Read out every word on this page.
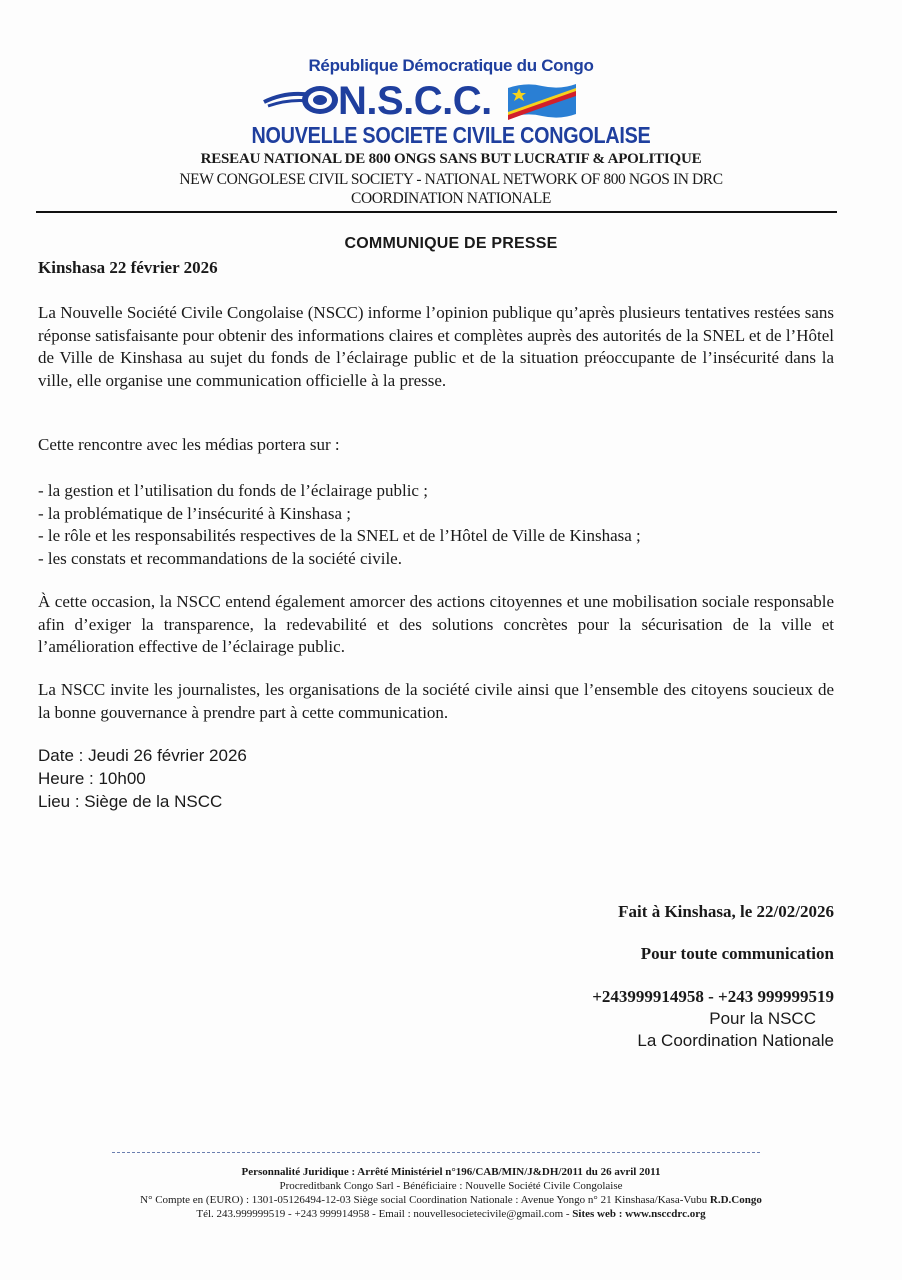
République Démocratique du Congo
N.S.C.C.
NOUVELLE SOCIETE CIVILE CONGOLAISE
RESEAU NATIONAL DE 800 ONGS SANS BUT LUCRATIF & APOLITIQUE
NEW CONGOLESE CIVIL SOCIETY - NATIONAL NETWORK OF 800 NGOS IN DRC
COORDINATION NATIONALE
COMMUNIQUE DE PRESSE
Kinshasa 22 février 2026
La Nouvelle Société Civile Congolaise (NSCC) informe l’opinion publique qu’après plusieurs tentatives restées sans réponse satisfaisante pour obtenir des informations claires et complètes auprès des autorités de la SNEL et de l’Hôtel de Ville de Kinshasa au sujet du fonds de l’éclairage public et de la situation préoccupante de l’insécurité dans la ville, elle organise une communication officielle à la presse.
Cette rencontre avec les médias portera sur :
- la gestion et l’utilisation du fonds de l’éclairage public ;
- la problématique de l’insécurité à Kinshasa ;
- le rôle et les responsabilités respectives de la SNEL et de l’Hôtel de Ville de Kinshasa ;
- les constats et recommandations de la société civile.
À cette occasion, la NSCC entend également amorcer des actions citoyennes et une mobilisation sociale responsable afin d’exiger la transparence, la redevabilité et des solutions concrètes pour la sécurisation de la ville et l’amélioration effective de l’éclairage public.
La NSCC invite les journalistes, les organisations de la société civile ainsi que l’ensemble des citoyens soucieux de la bonne gouvernance à prendre part à cette communication.
Date : Jeudi 26 février 2026
Heure : 10h00
Lieu : Siège de la NSCC
Fait à Kinshasa, le 22/02/2026
Pour toute communication
+243999914958 - +243 999999519
Pour la NSCC
La Coordination Nationale
Personnalité Juridique : Arrêté Ministériel n°196/CAB/MIN/J&DH/2011 du 26 avril 2011
Procreditbank Congo Sarl - Bénéficiaire : Nouvelle Société Civile Congolaise
N° Compte en (EURO) : 1301-05126494-12-03 Siège social Coordination Nationale : Avenue Yongo n° 21 Kinshasa/Kasa-Vubu R.D.Congo
Tél. 243.999999519 - +243 999914958 - Email : nouvellesocietecivile@gmail.com - Sites web : www.nsccdrc.org
